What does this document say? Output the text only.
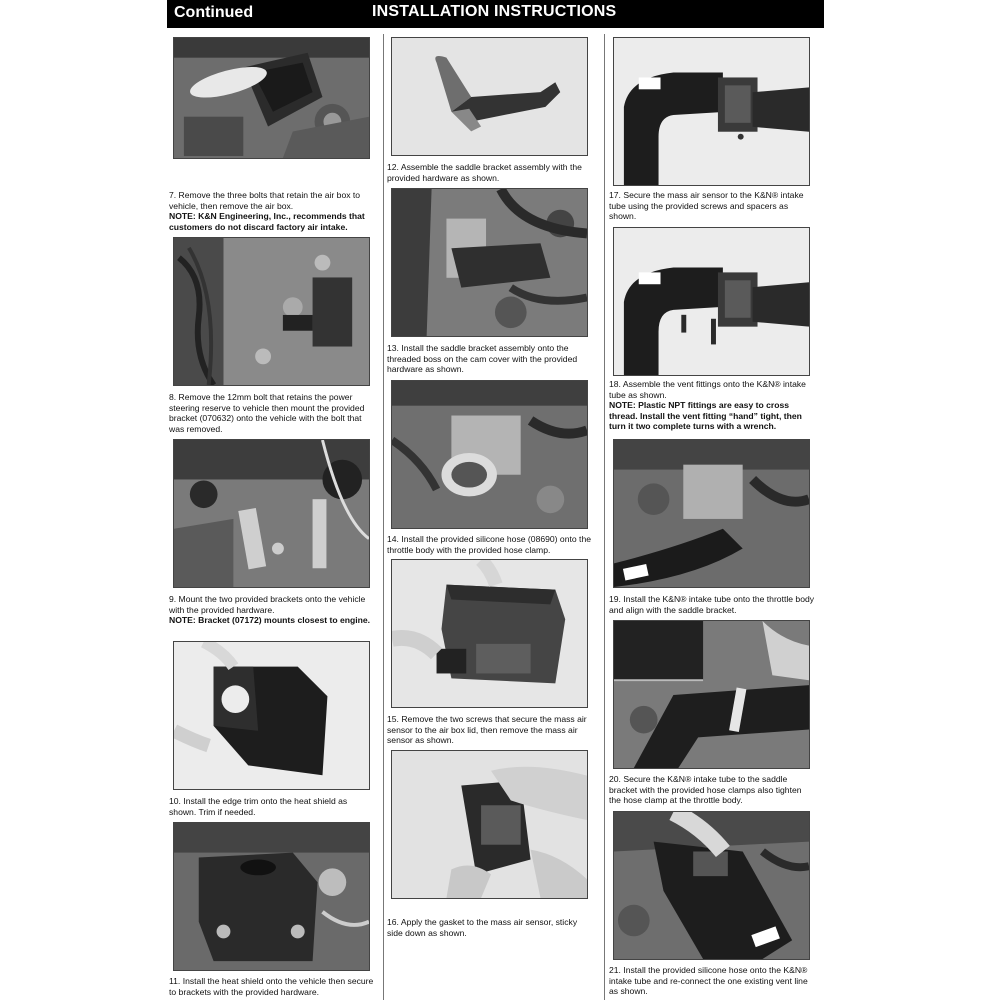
Continued	INSTALLATION INSTRUCTIONS
7. Remove the three bolts that retain the air box to vehicle, then remove the air box.
NOTE: K&N Engineering, Inc., recommends that customers do not discard factory air intake.
8. Remove the 12mm bolt that retains the power steering reserve to vehicle then mount the provided bracket (070632) onto the vehicle with the bolt that was removed.
9. Mount the two provided brackets onto the vehicle with the provided hardware.
NOTE: Bracket (07172) mounts closest to engine.
10. Install the edge trim onto the heat shield as shown. Trim if needed.
11. Install the heat shield onto the vehicle then secure to brackets with the provided hardware.
12. Assemble the saddle bracket assembly with the provided hardware as shown.
13. Install the saddle bracket assembly onto the threaded boss on the cam cover with the provided hardware as shown.
14. Install the provided silicone hose (08690) onto the throttle body with the provided hose clamp.
15. Remove the two screws that secure the mass air sensor to the air box lid, then remove the mass air sensor as shown.
16. Apply the gasket to the mass air sensor, sticky side down as shown.
17. Secure the mass air sensor to the K&N® intake tube using the provided screws and spacers as shown.
18. Assemble the vent fittings onto the K&N® intake tube as shown.
NOTE: Plastic NPT fittings are easy to cross thread. Install the vent fitting “hand” tight, then turn it two complete turns with a wrench.
19. Install the K&N® intake tube onto the throttle body and align with the saddle bracket.
20. Secure the K&N® intake tube to the saddle bracket with the provided hose clamps also tighten the hose clamp at the throttle body.
21. Install the provided silicone hose onto the K&N® intake tube and re-connect the one existing vent line as shown.
